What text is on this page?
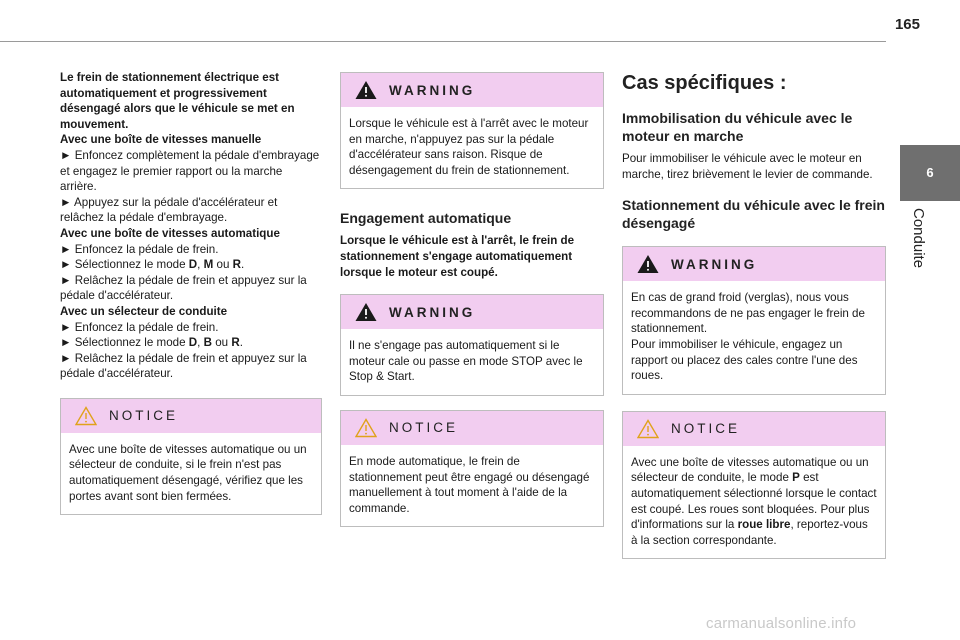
165
6
Conduite

Le frein de stationnement électrique est automatiquement et progressivement désengagé alors que le véhicule se met en mouvement.

Avec une boîte de vitesses manuelle

► Enfoncez complètement la pédale d'embrayage et engagez le premier rapport ou la marche arrière.

► Appuyez sur la pédale d'accélérateur et relâchez la pédale d'embrayage.

Avec une boîte de vitesses automatique

► Enfoncez la pédale de frein.

► Sélectionnez le mode D, M ou R.

► Relâchez la pédale de frein et appuyez sur la pédale d'accélérateur.

Avec un sélecteur de conduite

► Enfoncez la pédale de frein.

► Sélectionnez le mode D, B ou R.

► Relâchez la pédale de frein et appuyez sur la pédale d'accélérateur.

NOTICE

Avec une boîte de vitesses automatique ou un sélecteur de conduite, si le frein n'est pas automatiquement désengagé, vérifiez que les portes avant sont bien fermées.

WARNING

Lorsque le véhicule est à l'arrêt avec le moteur en marche, n'appuyez pas sur la pédale d'accélérateur sans raison. Risque de désengagement du frein de stationnement.

Engagement automatique

Lorsque le véhicule est à l'arrêt, le frein de stationnement s'engage automatiquement lorsque le moteur est coupé.

WARNING

Il ne s'engage pas automatiquement si le moteur cale ou passe en mode STOP avec le Stop & Start.

NOTICE

En mode automatique, le frein de stationnement peut être engagé ou désengagé manuellement à tout moment à l'aide de la commande.

Cas spécifiques :
Immobilisation du véhicule avec le moteur en marche

Pour immobiliser le véhicule avec le moteur en marche, tirez brièvement le levier de commande.

Stationnement du véhicule avec le frein désengagé
WARNING

En cas de grand froid (verglas), nous vous recommandons de ne pas engager le frein de stationnement.

Pour immobiliser le véhicule, engagez un rapport ou placez des cales contre l'une des roues.

NOTICE

Avec une boîte de vitesses automatique ou un sélecteur de conduite, le mode P est automatiquement sélectionné lorsque le contact est coupé. Les roues sont bloquées. Pour plus d'informations sur la roue libre, reportez-vous à la section correspondante.

carmanualsonline.info
